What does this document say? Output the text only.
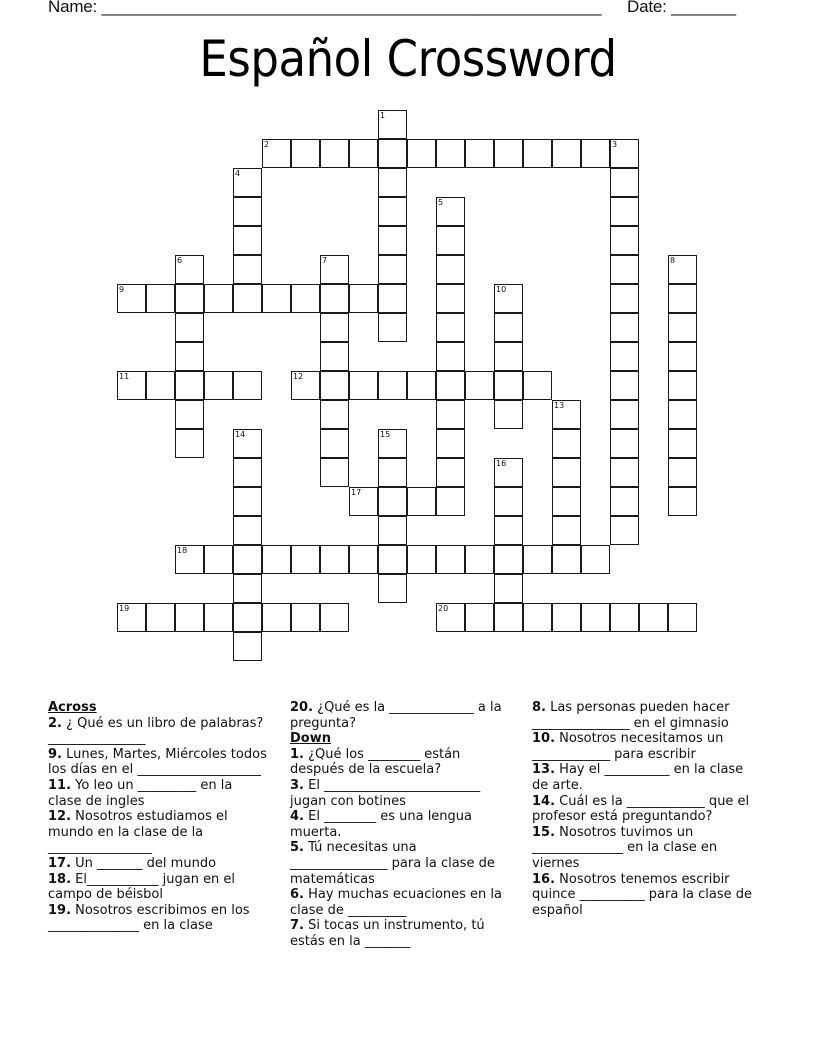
Name: ______________________________________________________ Date: _______
Español Crossword
1
2	3
4
5
6	7	8
9	10
11	12
13
14	15
16
17
18
19	20
Across
2. ¿ Qué es un libro de palabras? _______________
9. Lunes, Martes, Miércoles todos los días en el ___________________
11. Yo leo un _________ en la clase de ingles
12. Nosotros estudiamos el mundo en la clase de la ________________
17. Un _______ del mundo
18. El___________ jugan en el campo de béisbol
19. Nosotros escribimos en los ______________ en la clase
20. ¿Qué es la _____________ a la pregunta?
Down
1. ¿Qué los ________ están después de la escuela?
3. El ________________________ jugan con botines
4. El ________ es una lengua muerta.
5. Tú necesitas una _______________ para la clase de matemáticas
6. Hay muchas ecuaciones en la clase de _________
7. Si tocas un instrumento, tú estás en la _______
8. Las personas pueden hacer _______________ en el gimnasio
10. Nosotros necesitamos un ____________ para escribir
13. Hay el __________ en la clase de arte.
14. Cuál es la ____________ que el profesor está preguntando?
15. Nosotros tuvimos un ______________ en la clase en viernes
16. Nosotros tenemos escribir quince __________ para la clase de español
